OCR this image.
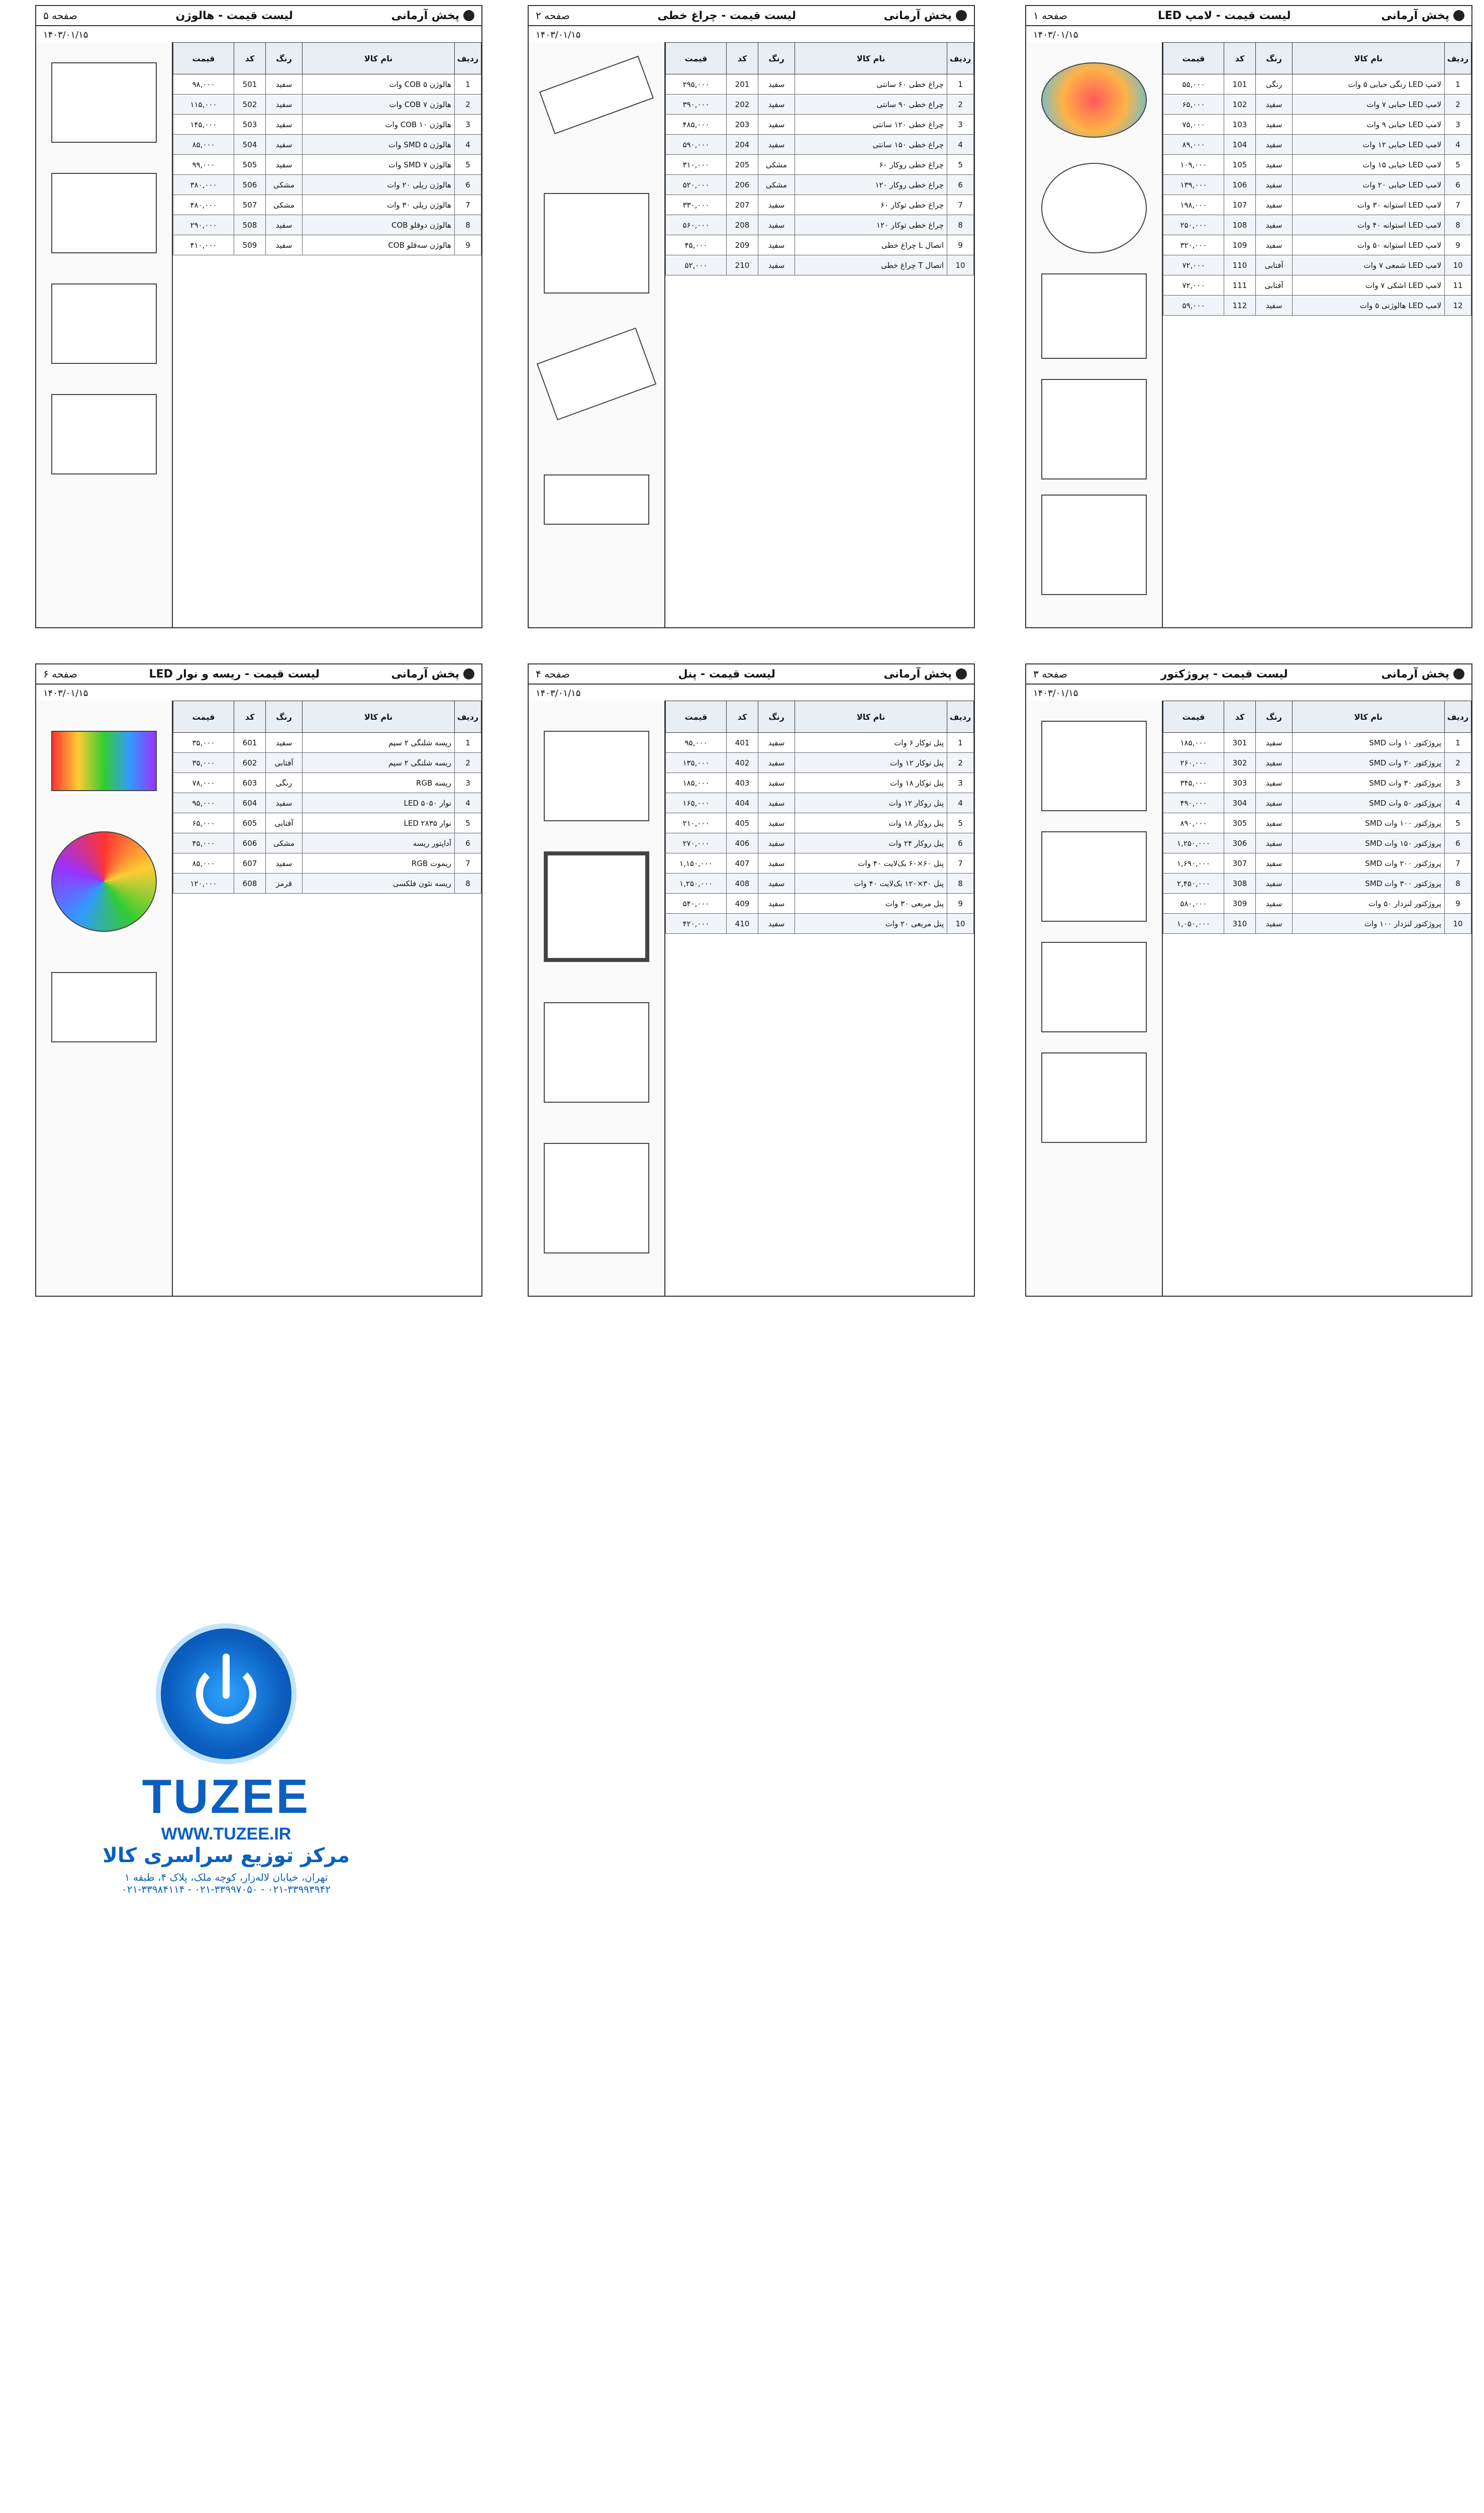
پخش آرمانی
لیست قیمت - لامپ LED
صفحه ۱
۱۴۰۳/۰۱/۱۵
ردیف	نام کالا	رنگ	کد	قیمت
1	لامپ LED رنگی حبابی ۵ وات	رنگی	101	۵۵,۰۰۰
2	لامپ LED حبابی ۷ وات	سفید	102	۶۵,۰۰۰
3	لامپ LED حبابی ۹ وات	سفید	103	۷۵,۰۰۰
4	لامپ LED حبابی ۱۲ وات	سفید	104	۸۹,۰۰۰
5	لامپ LED حبابی ۱۵ وات	سفید	105	۱۰۹,۰۰۰
6	لامپ LED حبابی ۲۰ وات	سفید	106	۱۳۹,۰۰۰
7	لامپ LED استوانه ۳۰ وات	سفید	107	۱۹۸,۰۰۰
8	لامپ LED استوانه ۴۰ وات	سفید	108	۲۵۰,۰۰۰
9	لامپ LED استوانه ۵۰ وات	سفید	109	۳۲۰,۰۰۰
10	لامپ LED شمعی ۷ وات	آفتابی	110	۷۲,۰۰۰
11	لامپ LED اشکی ۷ وات	آفتابی	111	۷۲,۰۰۰
12	لامپ LED هالوژنی ۵ وات	سفید	112	۵۹,۰۰۰
پخش آرمانی
لیست قیمت - پروژکتور
صفحه ۳
۱۴۰۳/۰۱/۱۵
ردیف	نام کالا	رنگ	کد	قیمت
1	پروژکتور ۱۰ وات SMD	سفید	301	۱۸۵,۰۰۰
2	پروژکتور ۲۰ وات SMD	سفید	302	۲۶۰,۰۰۰
3	پروژکتور ۳۰ وات SMD	سفید	303	۳۴۵,۰۰۰
4	پروژکتور ۵۰ وات SMD	سفید	304	۴۹۰,۰۰۰
5	پروژکتور ۱۰۰ وات SMD	سفید	305	۸۹۰,۰۰۰
6	پروژکتور ۱۵۰ وات SMD	سفید	306	۱,۲۵۰,۰۰۰
7	پروژکتور ۲۰۰ وات SMD	سفید	307	۱,۶۹۰,۰۰۰
8	پروژکتور ۳۰۰ وات SMD	سفید	308	۲,۴۵۰,۰۰۰
9	پروژکتور لنزدار ۵۰ وات	سفید	309	۵۸۰,۰۰۰
10	پروژکتور لنزدار ۱۰۰ وات	سفید	310	۱,۰۵۰,۰۰۰
پخش آرمانی
لیست قیمت - چراغ خطی
صفحه ۲
۱۴۰۳/۰۱/۱۵
ردیف	نام کالا	رنگ	کد	قیمت
1	چراغ خطی ۶۰ سانتی	سفید	201	۲۹۵,۰۰۰
2	چراغ خطی ۹۰ سانتی	سفید	202	۳۹۰,۰۰۰
3	چراغ خطی ۱۲۰ سانتی	سفید	203	۴۸۵,۰۰۰
4	چراغ خطی ۱۵۰ سانتی	سفید	204	۵۹۰,۰۰۰
5	چراغ خطی روکار ۶۰	مشکی	205	۳۱۰,۰۰۰
6	چراغ خطی روکار ۱۲۰	مشکی	206	۵۲۰,۰۰۰
7	چراغ خطی توکار ۶۰	سفید	207	۳۳۰,۰۰۰
8	چراغ خطی توکار ۱۲۰	سفید	208	۵۶۰,۰۰۰
9	اتصال L چراغ خطی	سفید	209	۴۵,۰۰۰
10	اتصال T چراغ خطی	سفید	210	۵۲,۰۰۰
پخش آرمانی
لیست قیمت - پنل
صفحه ۴
۱۴۰۳/۰۱/۱۵
ردیف	نام کالا	رنگ	کد	قیمت
1	پنل توکار ۶ وات	سفید	401	۹۵,۰۰۰
2	پنل توکار ۱۲ وات	سفید	402	۱۳۵,۰۰۰
3	پنل توکار ۱۸ وات	سفید	403	۱۸۵,۰۰۰
4	پنل روکار ۱۲ وات	سفید	404	۱۶۵,۰۰۰
5	پنل روکار ۱۸ وات	سفید	405	۲۱۰,۰۰۰
6	پنل روکار ۲۴ وات	سفید	406	۲۷۰,۰۰۰
7	پنل ۶۰×۶۰ بک‌لایت ۴۰ وات	سفید	407	۱,۱۵۰,۰۰۰
8	پنل ۳۰×۱۲۰ بک‌لایت ۴۰ وات	سفید	408	۱,۲۵۰,۰۰۰
9	پنل مربعی ۳۰ وات	سفید	409	۵۴۰,۰۰۰
10	پنل مربعی ۲۰ وات	سفید	410	۴۲۰,۰۰۰
پخش آرمانی
لیست قیمت - هالوژن
صفحه ۵
۱۴۰۳/۰۱/۱۵
ردیف	نام کالا	رنگ	کد	قیمت
1	هالوژن COB ۵ وات	سفید	501	۹۸,۰۰۰
2	هالوژن COB ۷ وات	سفید	502	۱۱۵,۰۰۰
3	هالوژن COB ۱۰ وات	سفید	503	۱۴۵,۰۰۰
4	هالوژن SMD ۵ وات	سفید	504	۸۵,۰۰۰
5	هالوژن SMD ۷ وات	سفید	505	۹۹,۰۰۰
6	هالوژن ریلی ۲۰ وات	مشکی	506	۳۸۰,۰۰۰
7	هالوژن ریلی ۳۰ وات	مشکی	507	۴۸۰,۰۰۰
8	هالوژن دوقلو COB	سفید	508	۲۹۰,۰۰۰
9	هالوژن سه‌قلو COB	سفید	509	۴۱۰,۰۰۰
پخش آرمانی
لیست قیمت - ریسه و نوار LED
صفحه ۶
۱۴۰۳/۰۱/۱۵
ردیف	نام کالا	رنگ	کد	قیمت
1	ریسه شلنگی ۲ سیم	سفید	601	۳۵,۰۰۰
2	ریسه شلنگی ۲ سیم	آفتابی	602	۳۵,۰۰۰
3	ریسه RGB	رنگی	603	۷۸,۰۰۰
4	نوار LED ۵۰۵۰	سفید	604	۹۵,۰۰۰
5	نوار LED ۲۸۳۵	آفتابی	605	۶۵,۰۰۰
6	آداپتور ریسه	مشکی	606	۴۵,۰۰۰
7	ریموت RGB	سفید	607	۸۵,۰۰۰
8	ریسه نئون فلکسی	قرمز	608	۱۲۰,۰۰۰
TUZEE
WWW.TUZEE.IR
مرکز توزیع سراسری کالا
تهران، خیابان لاله‌زار، کوچه ملک، پلاک ۴، طبقه ۱
۰۲۱-۳۳۹۹۳۹۴۲ - ۰۲۱-۳۳۹۹۷۰۵۰ - ۰۲۱-۳۳۹۸۴۱۱۴
